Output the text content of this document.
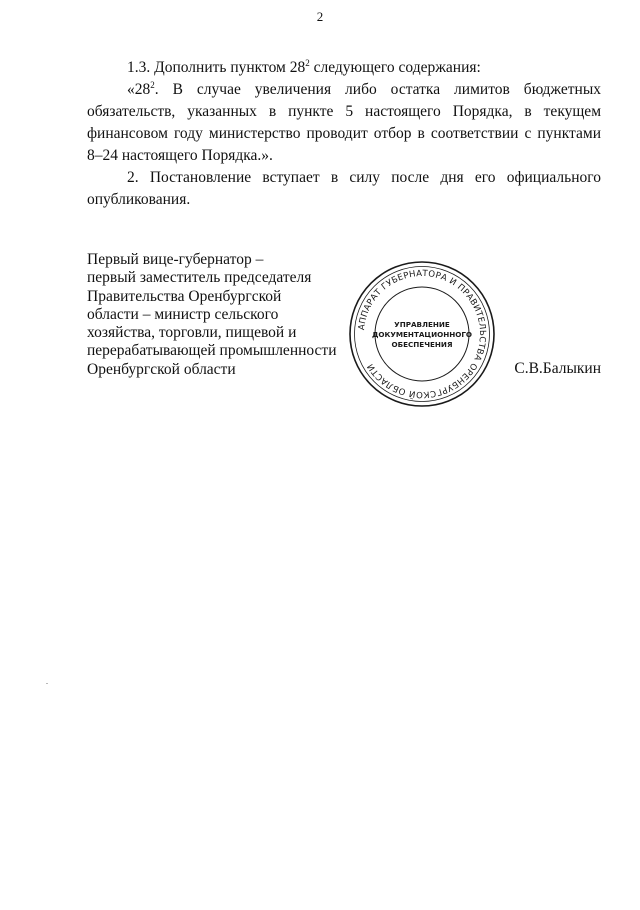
2

1.3. Дополнить пунктом $28^2$ следующего содержания:

«$28^2$. В случае увеличения либо остатка лимитов бюджетных
обязательств, указанных в пункте 5 настоящего Порядка, в текущем
финансовом году министерство проводит отбор в соответствии с пунктами
8–24 настоящего Порядка.».
2. Постановление вступает в силу после дня его официального
опубликования.
Первый вице-губернатор –
первый заместитель председателя
Правительства Оренбургской
области – министр сельского
хозяйства, торговли, пищевой и
перерабатывающей промышленности
Оренбургской области
АППАРАТ ГУБЕРНАТОРА И ПРАВИТЕЛЬСТВА ОРЕНБУРГСКОЙ ОБЛАСТИ
УПРАВЛЕНИЕ
ДОКУМЕНТАЦИОННОГО
ОБЕСПЕЧЕНИЯ
С.В.Балыкин
